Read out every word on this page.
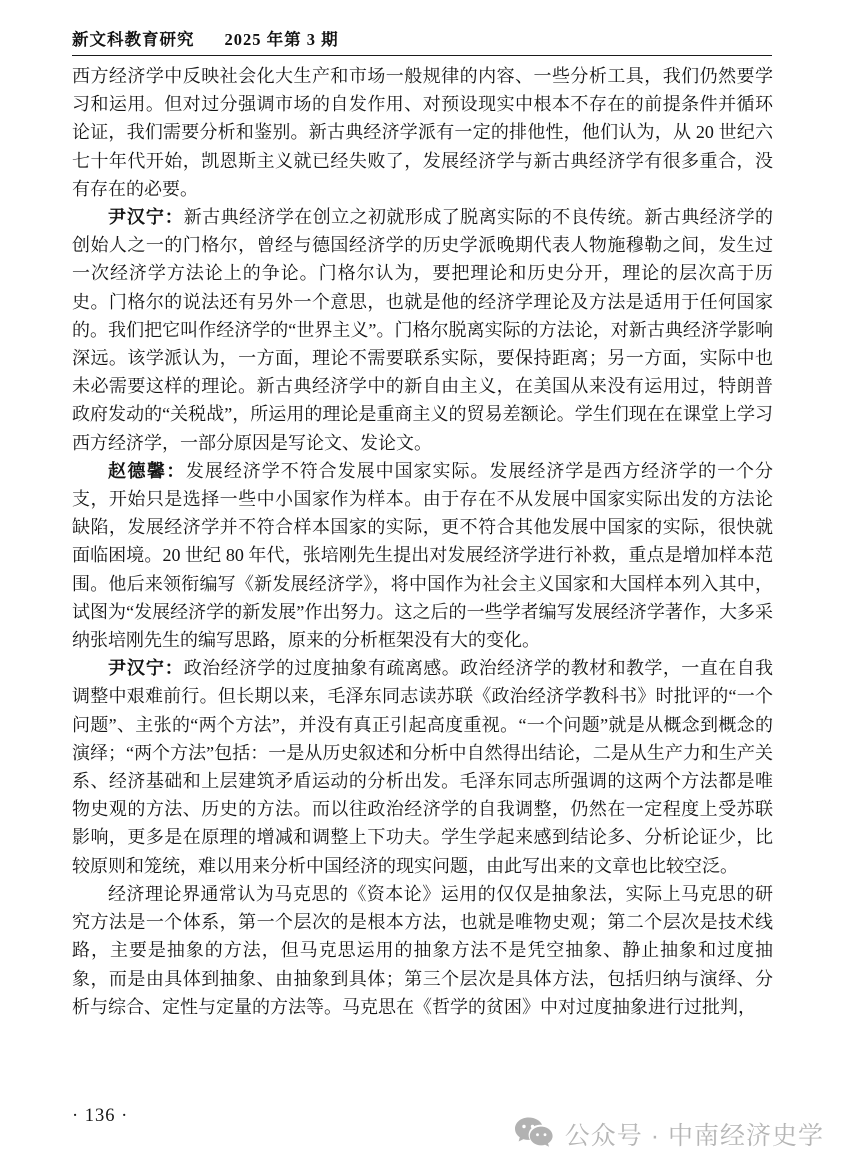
新文科教育研究 2025 年第 3 期

西方经济学中反映社会化大生产和市场一般规律的内容、一些分析工具，我们仍然要学习和运用。但对过分强调市场的自发作用、对预设现实中根本不存在的前提条件并循环论证，我们需要分析和鉴别。新古典经济学派有一定的排他性，他们认为，从 20 世纪六七十年代开始，凯恩斯主义就已经失败了，发展经济学与新古典经济学有很多重合，没有存在的必要。

尹汉宁：新古典经济学在创立之初就形成了脱离实际的不良传统。新古典经济学的创始人之一的门格尔，曾经与德国经济学的历史学派晚期代表人物施穆勒之间，发生过一次经济学方法论上的争论。门格尔认为，要把理论和历史分开，理论的层次高于历史。门格尔的说法还有另外一个意思，也就是他的经济学理论及方法是适用于任何国家的。我们把它叫作经济学的“世界主义”。门格尔脱离实际的方法论，对新古典经济学影响深远。该学派认为，一方面，理论不需要联系实际，要保持距离；另一方面，实际中也未必需要这样的理论。新古典经济学中的新自由主义，在美国从来没有运用过，特朗普政府发动的“关税战”，所运用的理论是重商主义的贸易差额论。学生们现在在课堂上学习西方经济学，一部分原因是写论文、发论文。

赵德馨：发展经济学不符合发展中国家实际。发展经济学是西方经济学的一个分支，开始只是选择一些中小国家作为样本。由于存在不从发展中国家实际出发的方法论缺陷，发展经济学并不符合样本国家的实际，更不符合其他发展中国家的实际，很快就面临困境。20 世纪 80 年代，张培刚先生提出对发展经济学进行补救，重点是增加样本范围。他后来领衔编写《新发展经济学》，将中国作为社会主义国家和大国样本列入其中，试图为“发展经济学的新发展”作出努力。这之后的一些学者编写发展经济学著作，大多采纳张培刚先生的编写思路，原来的分析框架没有大的变化。

尹汉宁：政治经济学的过度抽象有疏离感。政治经济学的教材和教学，一直在自我调整中艰难前行。但长期以来，毛泽东同志读苏联《政治经济学教科书》时批评的“一个问题”、主张的“两个方法”，并没有真正引起高度重视。“一个问题”就是从概念到概念的演绎；“两个方法”包括：一是从历史叙述和分析中自然得出结论，二是从生产力和生产关系、经济基础和上层建筑矛盾运动的分析出发。毛泽东同志所强调的这两个方法都是唯物史观的方法、历史的方法。而以往政治经济学的自我调整，仍然在一定程度上受苏联影响，更多是在原理的增减和调整上下功夫。学生学起来感到结论多、分析论证少，比较原则和笼统，难以用来分析中国经济的现实问题，由此写出来的文章也比较空泛。

经济理论界通常认为马克思的《资本论》运用的仅仅是抽象法，实际上马克思的研究方法是一个体系，第一个层次的是根本方法，也就是唯物史观；第二个层次是技术线路，主要是抽象的方法，但马克思运用的抽象方法不是凭空抽象、静止抽象和过度抽象，而是由具体到抽象、由抽象到具体；第三个层次是具体方法，包括归纳与演绎、分析与综合、定性与定量的方法等。马克思在《哲学的贫困》中对过度抽象进行过批判，

· 136 ·
公众号 · 中南经济史学
